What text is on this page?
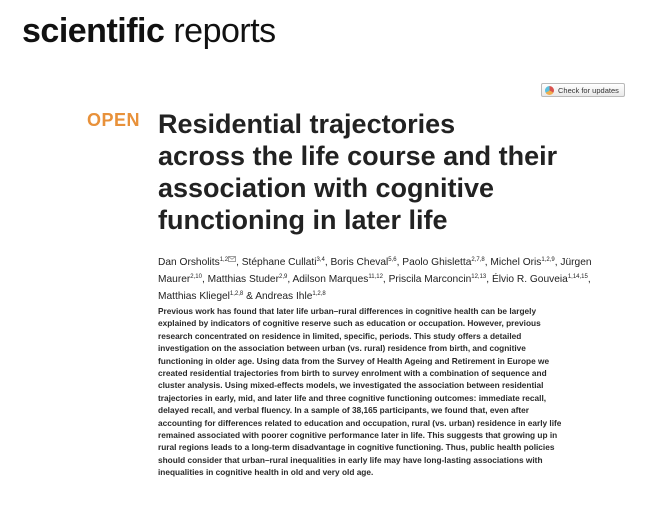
scientific reports
Check for updates
OPEN Residential trajectories
across the life course and their
association with cognitive
functioning in later life
Dan Orsholits$^{1,2}$ , Stéphane Cullati$^{3,4}$, Boris Cheval$^{5,6}$, Paolo Ghisletta$^{2,7,8}$, Michel Oris$^{1,2,9}$, Jürgen Maurer$^{2,10}$, Matthias Studer$^{2,9}$, Adilson Marques$^{11,12}$, Priscila Marconcin$^{12,13}$, Élvio R. Gouveia$^{1,14,15}$, Matthias Kliegel$^{1,2,8}$ & Andreas Ihle$^{1,2,8}$
Previous work has found that later life urban–rural differences in cognitive health can be largely
explained by indicators of cognitive reserve such as education or occupation. However, previous
research concentrated on residence in limited, specific, periods. This study offers a detailed
investigation on the association between urban (vs. rural) residence from birth, and cognitive
functioning in older age. Using data from the Survey of Health Ageing and Retirement in Europe we
created residential trajectories from birth to survey enrolment with a combination of sequence and
cluster analysis. Using mixed-effects models, we investigated the association between residential
trajectories in early, mid, and later life and three cognitive functioning outcomes: immediate recall,
delayed recall, and verbal fluency. In a sample of 38,165 participants, we found that, even after
accounting for differences related to education and occupation, rural (vs. urban) residence in early life
remained associated with poorer cognitive performance later in life. This suggests that growing up in
rural regions leads to a long-term disadvantage in cognitive functioning. Thus, public health policies
should consider that urban–rural inequalities in early life may have long-lasting associations with
inequalities in cognitive health in old and very old age.
